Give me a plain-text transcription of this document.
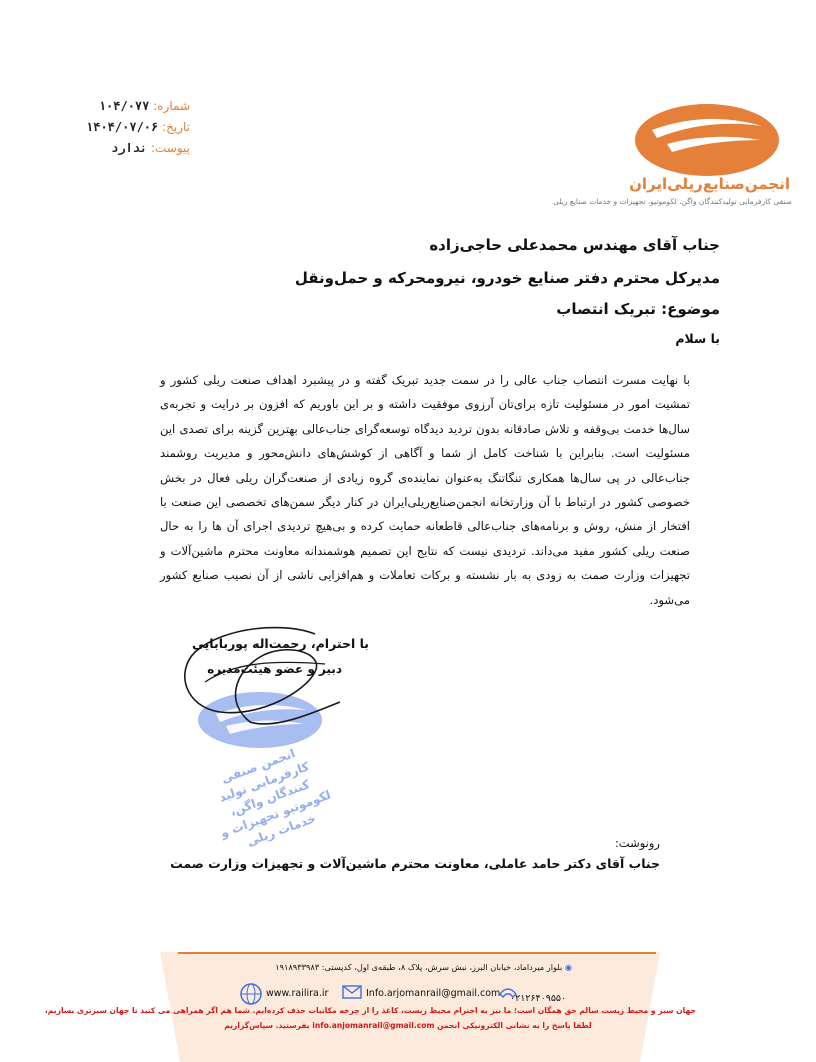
شماره: ۱۰۴/۰۷۷
تاریخ: ۱۴۰۴/۰۷/۰۶
پیوست: ندارد
انجمن‌صنایع‌ریلی‌ایران
صنفی کارفرمایی تولیدکنندگان واگن، لکوموتیو، تجهیزات و خدمات صنایع ریلی
جناب آقای مهندس محمدعلی حاجی‌زاده
مدیرکل محترم دفتر صنایع خودرو، نیرومحرکه و حمل‌ونقل
موضوع: تبریک انتصاب
با سلام
با نهایت مسرت انتصاب جناب عالی را در سمت جدید تبریک گفته و در پیشبرد اهداف صنعت ریلی کشور و تمشیت امور در مسئولیت تازه برای‌تان آرزوی موفقیت داشته و بر این باوریم که افزون بر درایت و تجربه‌ی سال‌ها خدمت بی‌وقفه و تلاش صادقانه بدون تردید دیدگاه توسعه‌گرای جناب‌عالی بهترین گزینه برای تصدی این مسئولیت است. بنابراین با شناخت کامل از شما و آگاهی از کوشش‌های دانش‌محور و مدیریت روشمند جناب‌عالی در پی سال‌ها همکاری تنگاتنگ به‌عنوان نماینده‌ی گروه زیادی از صنعت‌گران ریلی فعال در بخش خصوصی کشور در ارتباط با آن وزارتخانه انجمن‌صنایع‌ریلی‌ایران در کنار دیگر سمن‌های تخصصی این صنعت با افتخار از منش، روش و برنامه‌های جناب‌عالی قاطعانه حمایت کرده و بی‌هیچ تردیدی اجرای آن ها را به حال صنعت ریلی کشور مفید می‌داند. تردیدی نیست که نتایج این تصمیم هوشمندانه معاونت محترم ماشین‌آلات و تجهیزات وزارت صمت به زودی به بار نشسته و برکات تعاملات و هم‌افزایی ناشی از آن نصیب صنایع کشور می‌شود.
انجمن صنفی کارفرمایی تولید کنندگان واگن، لکوموتیو تجهیزات و خدمات ریلی
با احترام، رحمت‌اله پوربابایی
دبیر و عضو هیئت‌مدیره
رونوشت:
جناب آقای دکتر حامد عاملی، معاونت محترم ماشین‌آلات و تجهیزات وزارت صمت
◉ بلوار میرداماد، خیابان البرز، نبش سرش، پلاک ۸، طبقه‌ی اول، کدپستی: ۱۹۱۸۹۳۳۹۸۳
www.railira.ir	Info.arjomanrail@gmail.com ۰۲۱۲۶۴۰۹۵۵۰
جهان سبز و محیط زیست سالم حق همگان است؛ ما نیز به احترام محیط زیست، کاغذ را از چرخه مکاتبات حذف کرده‌ایم. شما هم اگر همراهی می کنید تا جهان سبزتری بسازیم،
لطفا پاسخ را به نشانی الکترونیکی انجمن info.anjomanrail@gmail.com بفرستید. سپاس‌گزاریم
